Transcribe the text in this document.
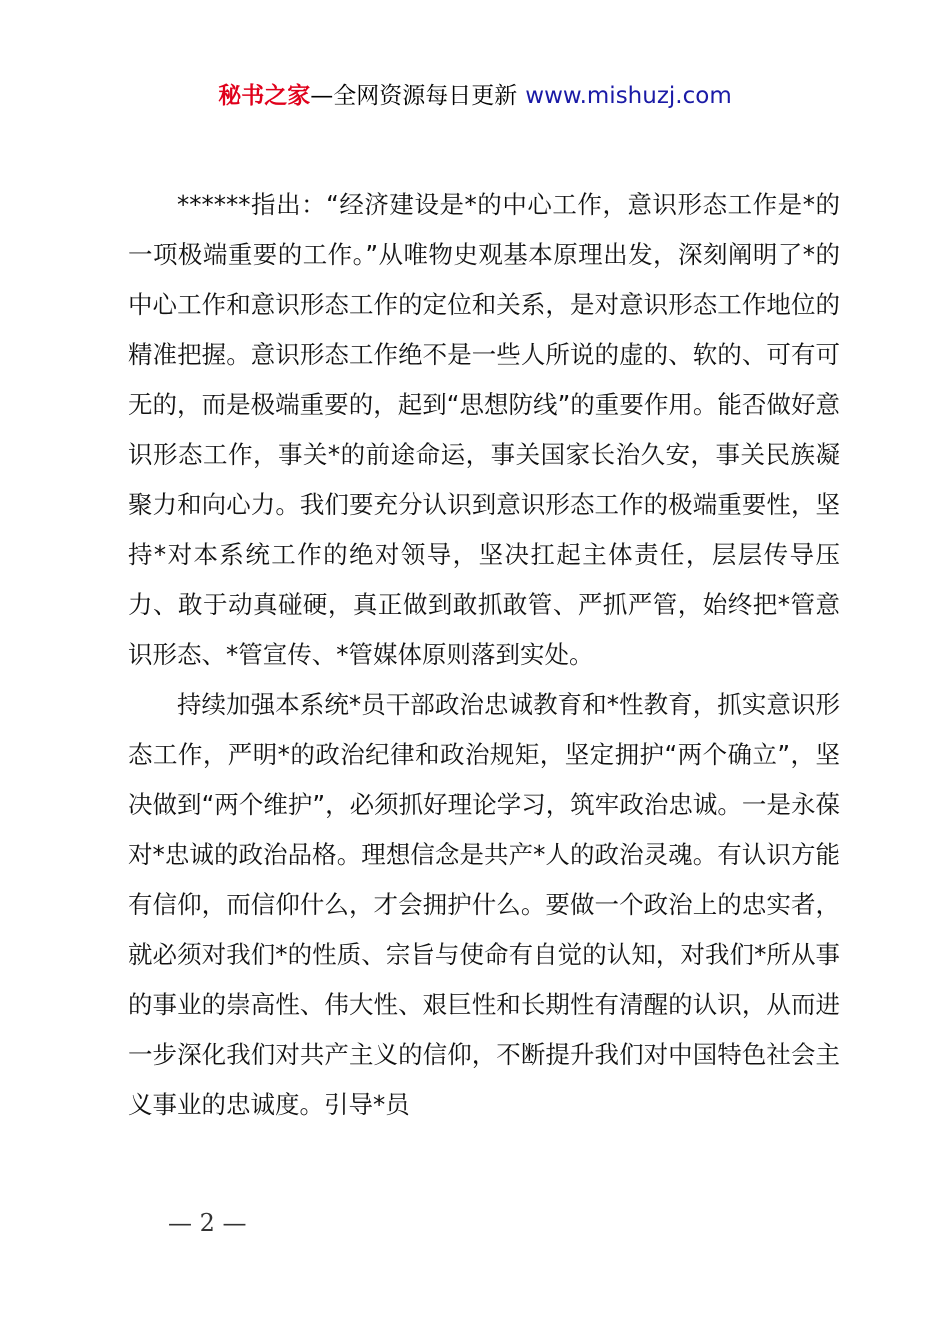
秘书之家—全网资源每日更新 www.mishuzj.com

******指出：“经济建设是*的中心工作，意识形态工作是*的一项极端重要的工作。”从唯物史观基本原理出发，深刻阐明了*的中心工作和意识形态工作的定位和关系，是对意识形态工作地位的精准把握。意识形态工作绝不是一些人所说的虚的、软的、可有可无的，而是极端重要的，起到“思想防线”的重要作用。能否做好意识形态工作，事关*的前途命运，事关国家长治久安，事关民族凝聚力和向心力。我们要充分认识到意识形态工作的极端重要性，坚持*对本系统工作的绝对领导，坚决扛起主体责任，层层传导压力、敢于动真碰硬，真正做到敢抓敢管、严抓严管，始终把*管意识形态、*管宣传、*管媒体原则落到实处。

持续加强本系统*员干部政治忠诚教育和*性教育，抓实意识形态工作，严明*的政治纪律和政治规矩，坚定拥护“两个确立”，坚决做到“两个维护”，必须抓好理论学习，筑牢政治忠诚。一是永葆对*忠诚的政治品格。理想信念是共产*人的政治灵魂。有认识方能有信仰，而信仰什么，才会拥护什么。要做一个政治上的忠实者，就必须对我们*的性质、宗旨与使命有自觉的认知，对我们*所从事的事业的崇高性、伟大性、艰巨性和长期性有清醒的认识，从而进一步深化我们对共产主义的信仰，不断提升我们对中国特色社会主义事业的忠诚度。引导*员

— 2 —
